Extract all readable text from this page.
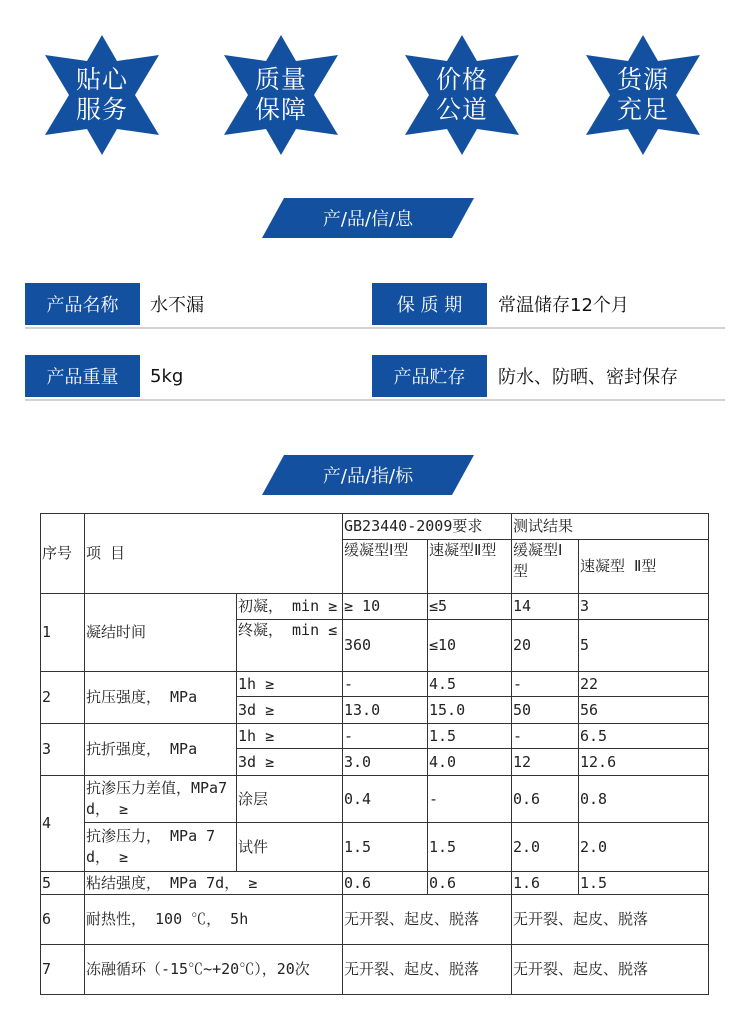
贴心
服务
质量
保障
价格
公道
货源
充足
产/品/信/息
产品名称	水不漏	保 质 期	常温储存12个月
产品重量	5kg	产品贮存	防水、防晒、密封保存
产/品/指/标
序号	项 目		GB23440-2009要求		测试结果	
			缓凝型Ⅰ型	速凝型Ⅱ型	缓凝型Ⅰ型	速凝型 Ⅱ型
1	凝结时间	初凝， min ≥	≥ 10	≤5	14	3
		终凝， min ≤	360	≤10	20	5
2	抗压强度， MPa	1h ≥	-	4.5	-	22
		3d ≥	13.0	15.0	50	56
3	抗折强度， MPa	1h ≥	-	1.5	-	6.5
		3d ≥	3.0	4.0	12	12.6
4	抗渗压力差值，MPa7d， ≥	涂层	0.4	-	0.6	0.8
	抗渗压力， MPa 7d， ≥	试件	1.5	1.5	2.0	2.0
5	粘结强度， MPa 7d， ≥		0.6	0.6	1.6	1.5
6	耐热性， 100 ℃， 5h		无开裂、起皮、脱落		无开裂、起皮、脱落	
7	冻融循环（-15℃~+20℃），20次		无开裂、起皮、脱落		无开裂、起皮、脱落	
